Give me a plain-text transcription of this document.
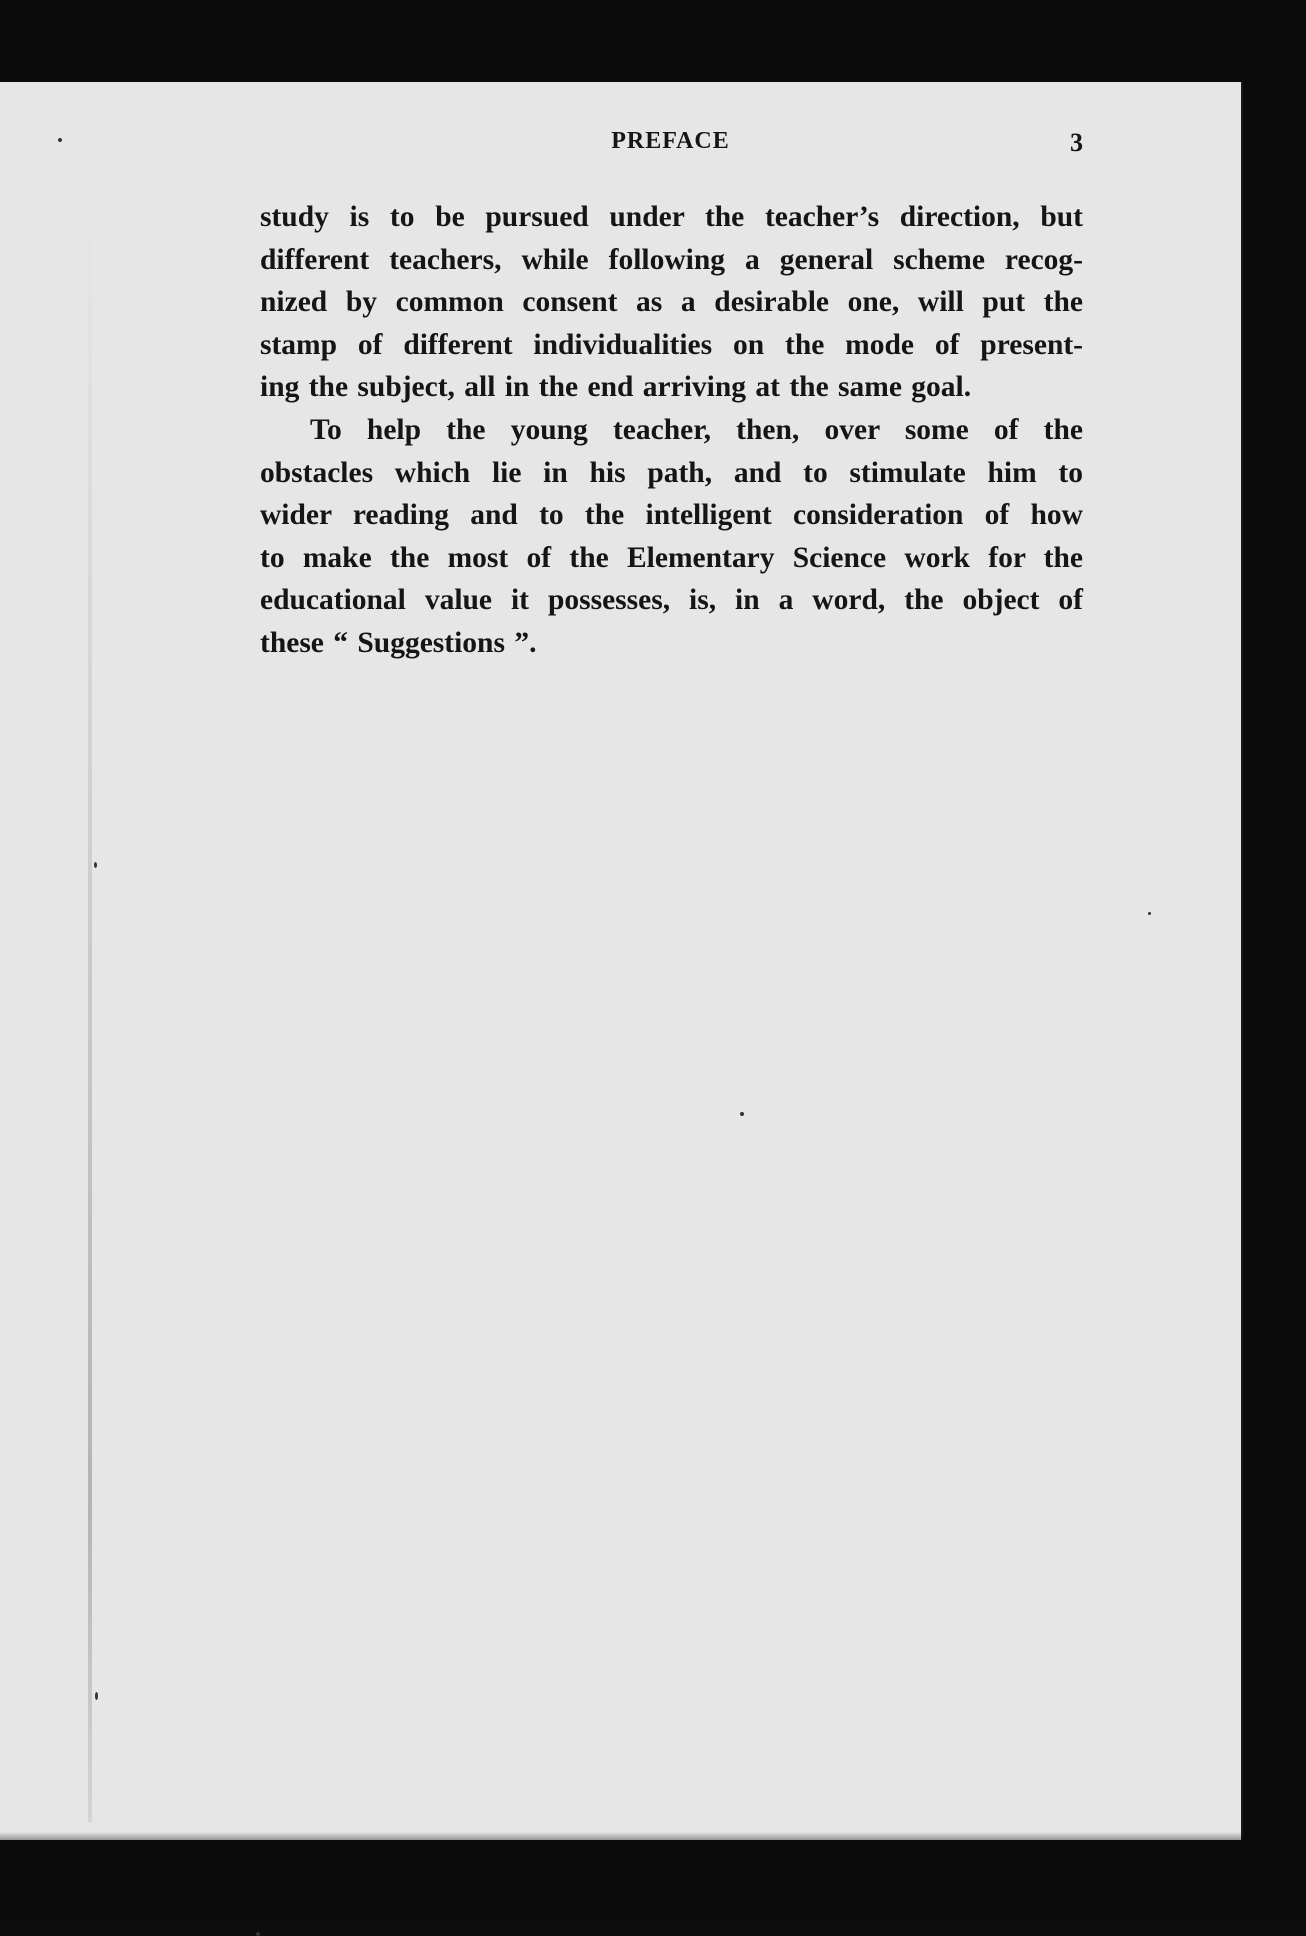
PREFACE	3

study is to be pursued under the teacher’s direction, but
different teachers, while following a general scheme recog-
nized by common consent as a desirable one, will put the
stamp of different individualities on the mode of present-
ing the subject, all in the end arriving at the same goal.

To help the young teacher, then, over some of the
obstacles which lie in his path, and to stimulate him to
wider reading and to the intelligent consideration of how
to make the most of the Elementary Science work for the
educational value it possesses, is, in a word, the object of
these “ Suggestions ”.
